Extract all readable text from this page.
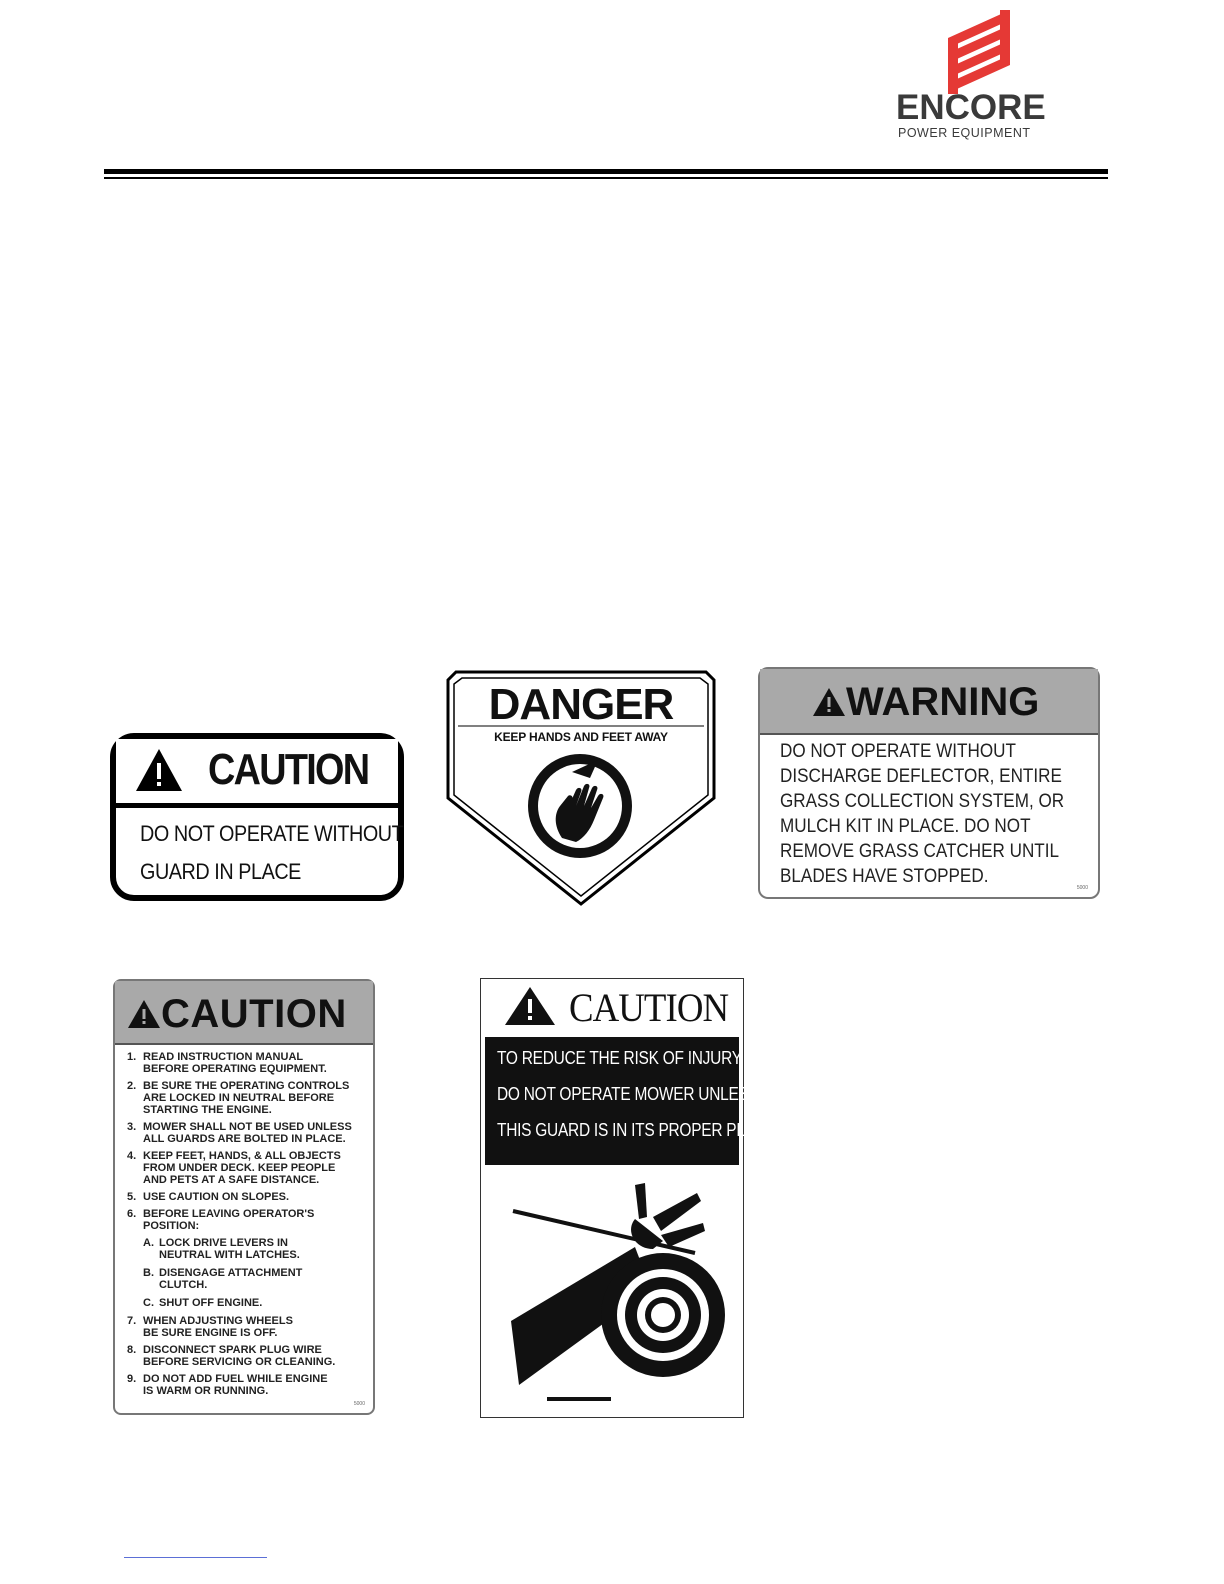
ENCORE
POWER EQUIPMENT
CAUTION
DO NOT OPERATE WITHOUT
GUARD IN PLACE
DANGER
KEEP HANDS AND FEET AWAY
WARNING
DO NOT OPERATE WITHOUT
DISCHARGE DEFLECTOR, ENTIRE
GRASS COLLECTION SYSTEM, OR
MULCH KIT IN PLACE. DO NOT
REMOVE GRASS CATCHER UNTIL
BLADES HAVE STOPPED.
5000
CAUTION
1. READ INSTRUCTION MANUAL
BEFORE OPERATING EQUIPMENT.
2. BE SURE THE OPERATING CONTROLS
ARE LOCKED IN NEUTRAL BEFORE
STARTING THE ENGINE.
3. MOWER SHALL NOT BE USED UNLESS
ALL GUARDS ARE BOLTED IN PLACE.
4. KEEP FEET, HANDS, & ALL OBJECTS
FROM UNDER DECK. KEEP PEOPLE
AND PETS AT A SAFE DISTANCE.
5. USE CAUTION ON SLOPES.
6. BEFORE LEAVING OPERATOR'S
POSITION:
A. LOCK DRIVE LEVERS IN
NEUTRAL WITH LATCHES.
B. DISENGAGE ATTACHMENT
CLUTCH.
C. SHUT OFF ENGINE.
7. WHEN ADJUSTING WHEELS
BE SURE ENGINE IS OFF.
8. DISCONNECT SPARK PLUG WIRE
BEFORE SERVICING OR CLEANING.
9. DO NOT ADD FUEL WHILE ENGINE
IS WARM OR RUNNING.
5000
CAUTION
TO REDUCE THE RISK OF INJURY
DO NOT OPERATE MOWER UNLESS
THIS GUARD IS IN ITS PROPER PLACE
